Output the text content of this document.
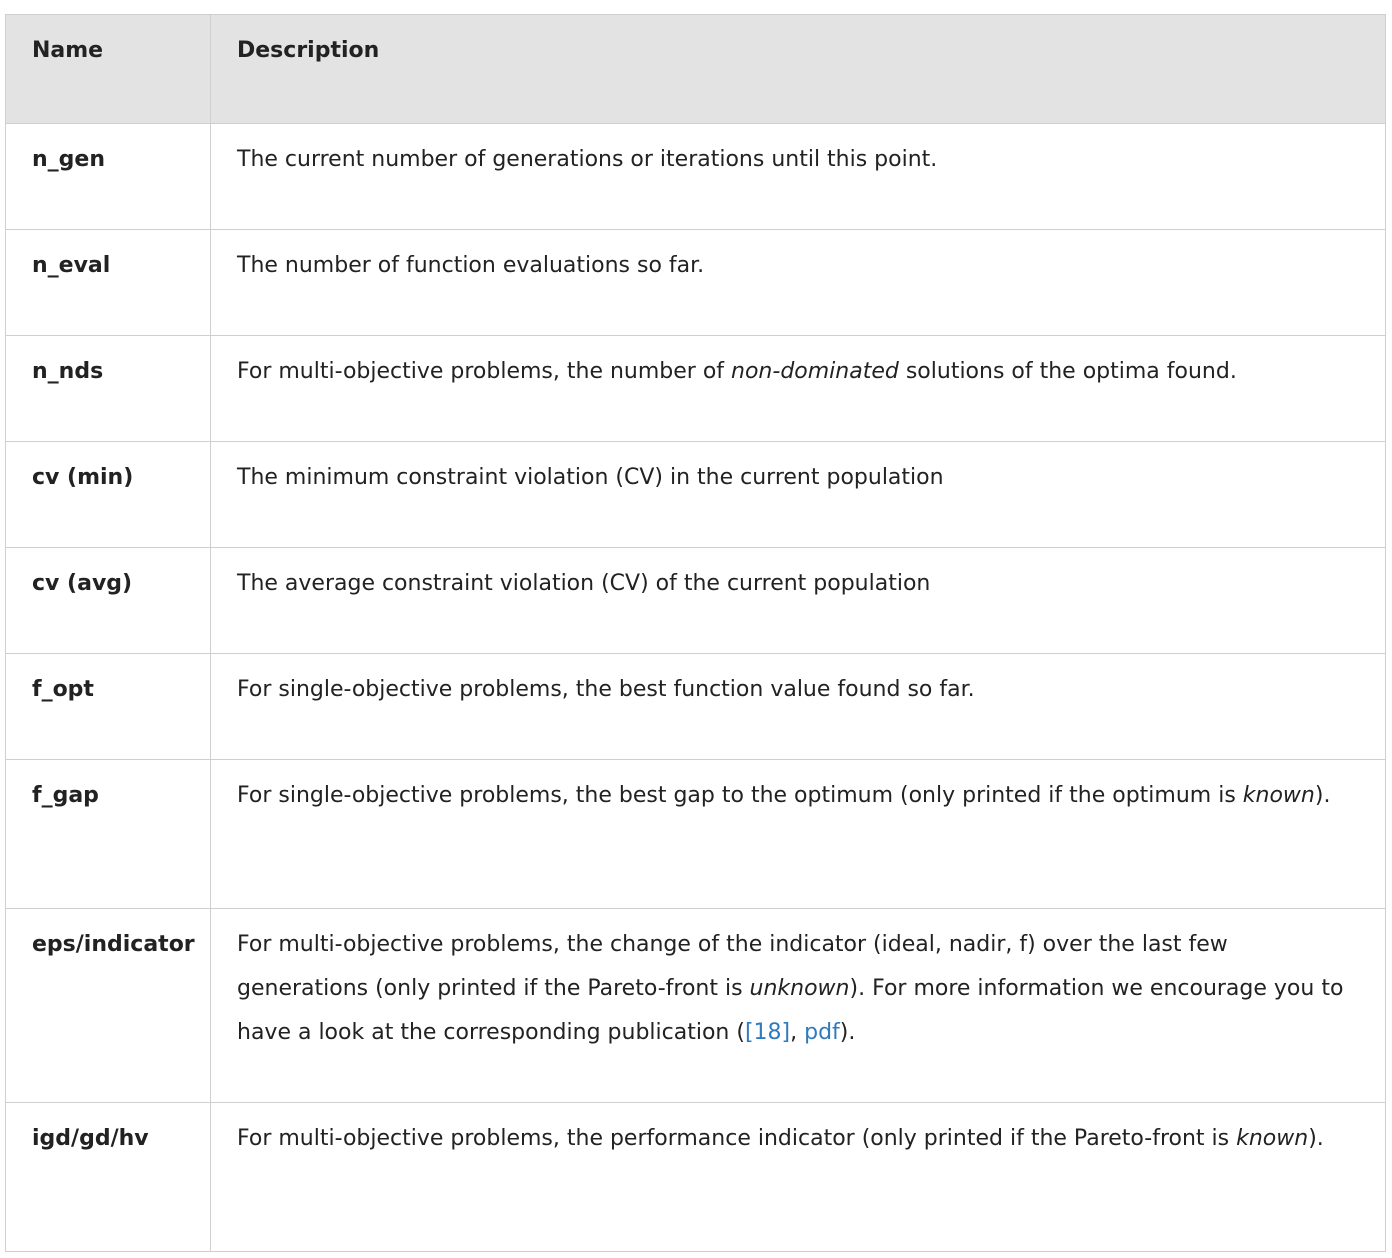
Name	Description
n_gen	The current number of generations or iterations until this point.
n_eval	The number of function evaluations so far.
n_nds	For multi-objective problems, the number of non-dominated solutions of the optima found.
cv (min)	The minimum constraint violation (CV) in the current population
cv (avg)	The average constraint violation (CV) of the current population
f_opt	For single-objective problems, the best function value found so far.
f_gap	For single-objective problems, the best gap to the optimum (only printed if the optimum is known).
eps/indicator	For multi-objective problems, the change of the indicator (ideal, nadir, f) over the last few generations (only printed if the Pareto-front is unknown). For more information we encourage you to have a look at the corresponding publication ([18], pdf).
igd/gd/hv	For multi-objective problems, the performance indicator (only printed if the Pareto-front is known).
